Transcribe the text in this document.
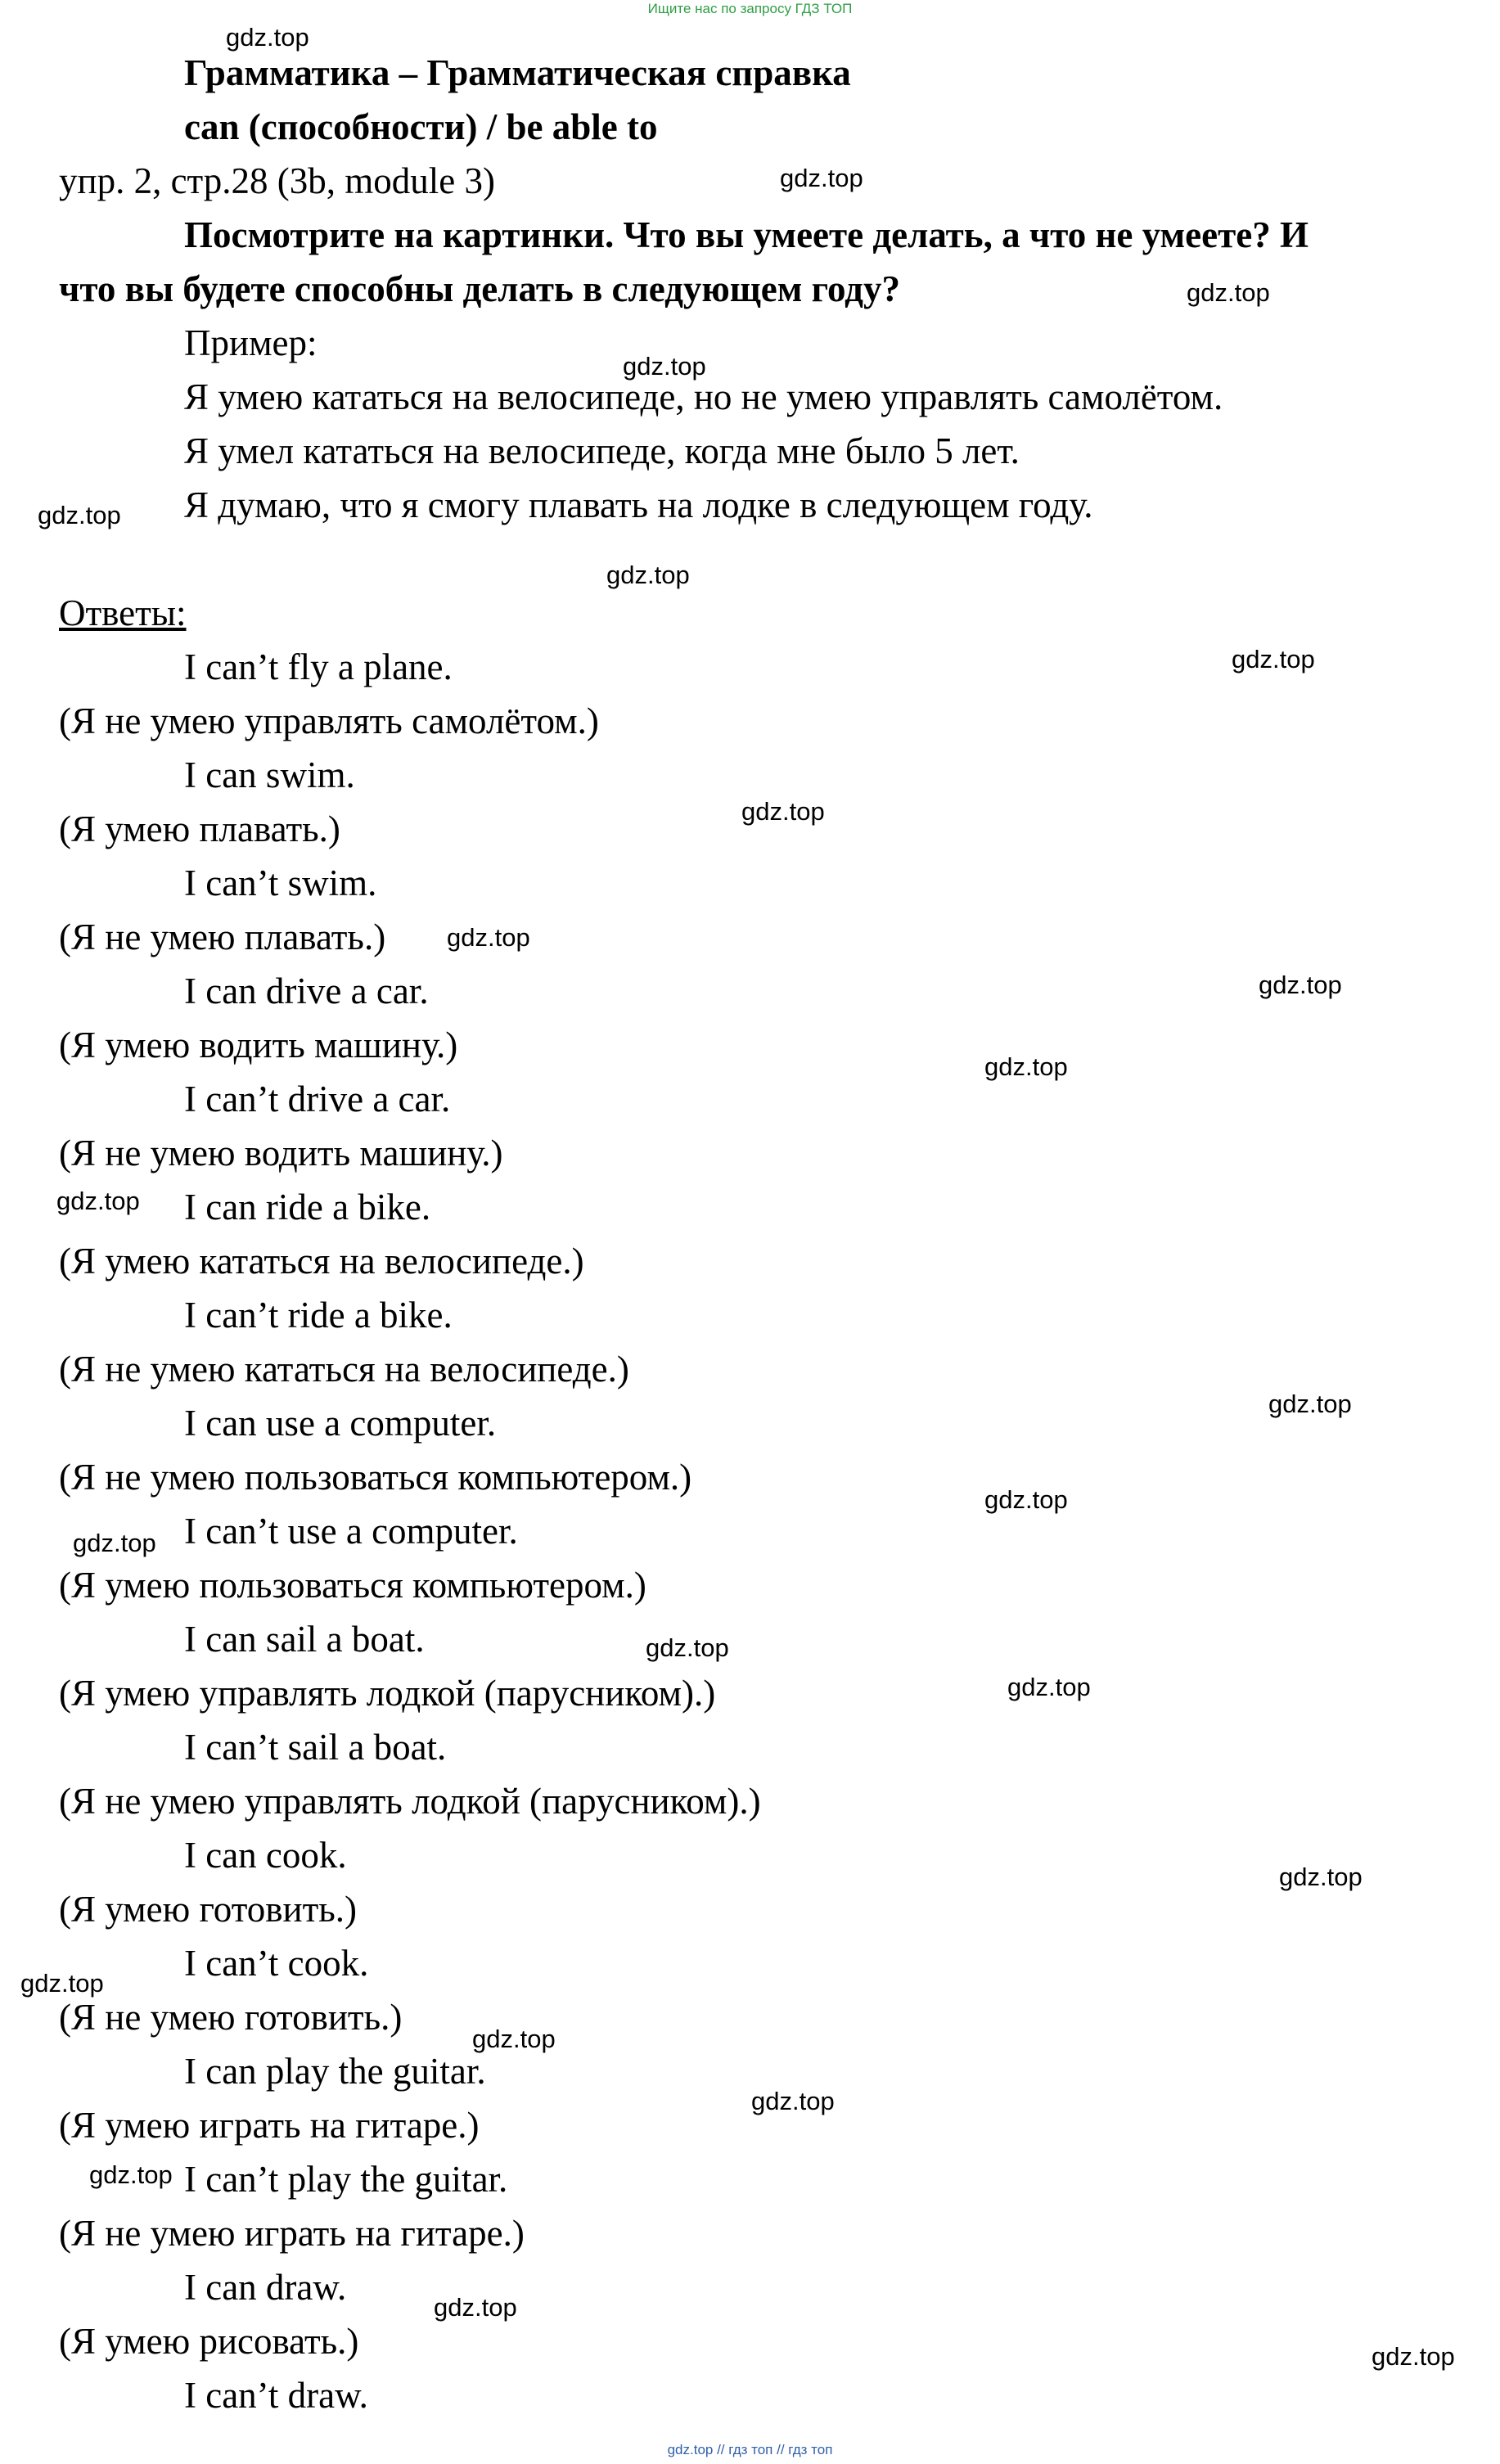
Ищите нас по запросу ГДЗ ТОП
Грамматика – Грамматическая справка
can (способности) / be able to
упр. 2, стр.28 (3b, module 3)
Посмотрите на картинки. Что вы умеете делать, а что не умеете? И
что вы будете способны делать в следующем году?
Пример:
Я умею кататься на велосипеде, но не умею управлять самолётом.
Я умел кататься на велосипеде, когда мне было 5 лет.
Я думаю, что я смогу плавать на лодке в следующем году.
Ответы:
I can’t fly a plane.
(Я не умею управлять самолётом.)
I can swim.
(Я умею плавать.)
I can’t swim.
(Я не умею плавать.)
I can drive a car.
(Я умею водить машину.)
I can’t drive a car.
(Я не умею водить машину.)
I can ride a bike.
(Я умею кататься на велосипеде.)
I can’t ride a bike.
(Я не умею кататься на велосипеде.)
I can use a computer.
(Я не умею пользоваться компьютером.)
I can’t use a computer.
(Я умею пользоваться компьютером.)
I can sail a boat.
(Я умею управлять лодкой (парусником).)
I can’t sail a boat.
(Я не умею управлять лодкой (парусником).)
I can cook.
(Я умею готовить.)
I can’t cook.
(Я не умею готовить.)
I can play the guitar.
(Я умею играть на гитаре.)
I can’t play the guitar.
(Я не умею играть на гитаре.)
I can draw.
(Я умею рисовать.)
I can’t draw.
gdz.top
gdz.top
gdz.top
gdz.top
gdz.top
gdz.top
gdz.top
gdz.top
gdz.top
gdz.top
gdz.top
gdz.top
gdz.top
gdz.top
gdz.top
gdz.top
gdz.top
gdz.top
gdz.top
gdz.top
gdz.top
gdz.top
gdz.top
gdz.top
gdz.top // гдз топ // гдз топ
